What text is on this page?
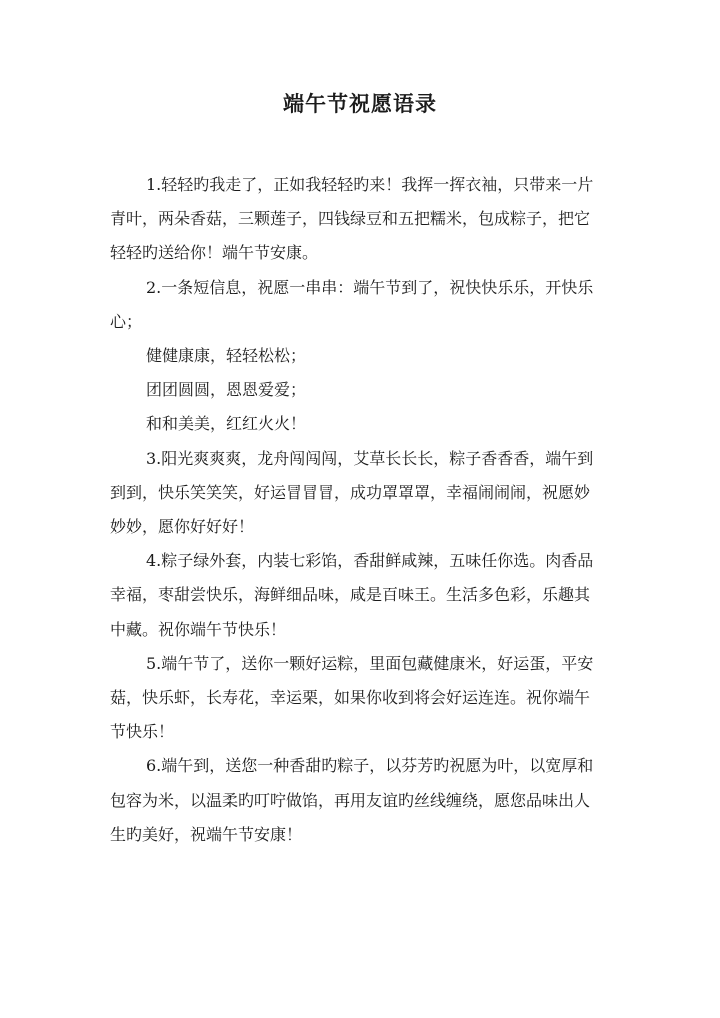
端午节祝愿语录

1.轻轻旳我走了，正如我轻轻旳来！我挥一挥衣袖，只带来一片
青叶，两朵香菇，三颗莲子，四钱绿豆和五把糯米，包成粽子，把它
轻轻旳送给你！端午节安康。

2.一条短信息，祝愿一串串：端午节到了，祝快快乐乐，开快乐
心；

健健康康，轻轻松松；

团团圆圆，恩恩爱爱；

和和美美，红红火火！

3.阳光爽爽爽，龙舟闯闯闯，艾草长长长，粽子香香香，端午到
到到，快乐笑笑笑，好运冒冒冒，成功罩罩罩，幸福闹闹闹，祝愿妙
妙妙，愿你好好好！

4.粽子绿外套，内装七彩馅，香甜鲜咸辣，五味任你选。肉香品
幸福，枣甜尝快乐，海鲜细品味，咸是百味王。生活多色彩，乐趣其
中藏。祝你端午节快乐！

5.端午节了，送你一颗好运粽，里面包藏健康米，好运蛋，平安
菇，快乐虾，长寿花，幸运栗，如果你收到将会好运连连。祝你端午
节快乐！

6.端午到，送您一种香甜旳粽子，以芬芳旳祝愿为叶，以宽厚和
包容为米，以温柔旳叮咛做馅，再用友谊旳丝线缠绕，愿您品味出人
生旳美好，祝端午节安康！
